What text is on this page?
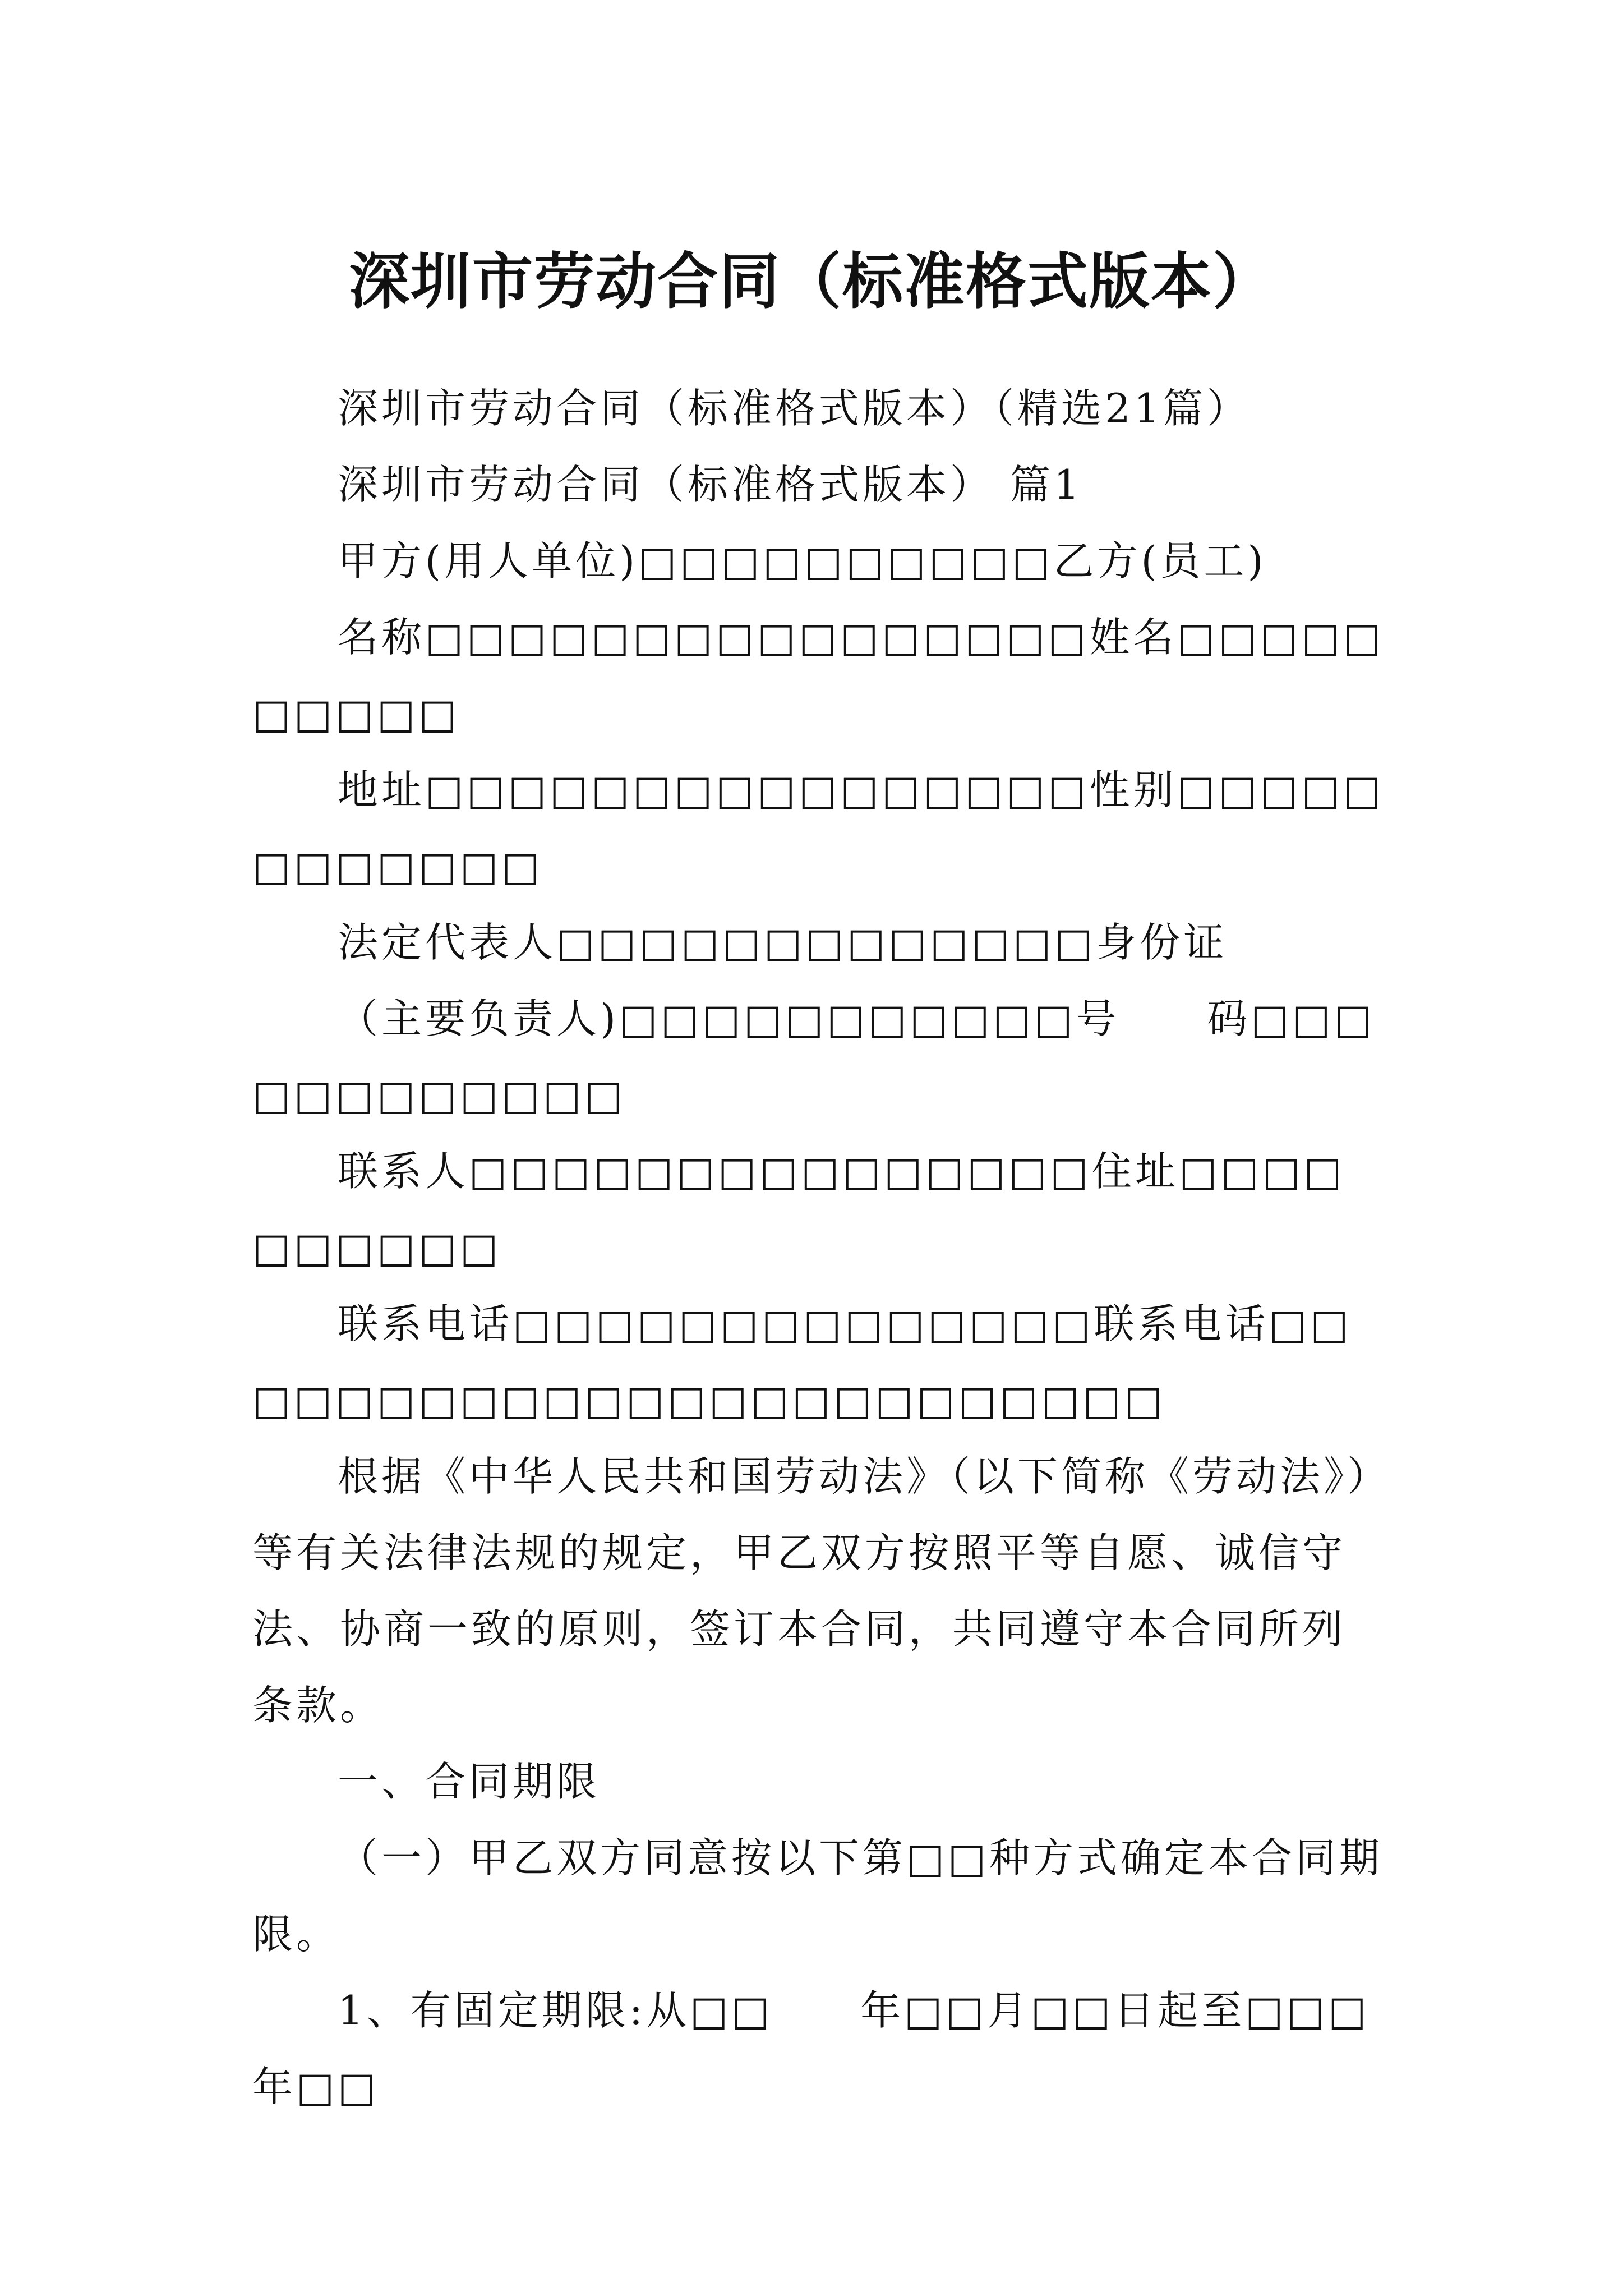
深圳市劳动合同（标准格式版本）

深圳市劳动合同（标准格式版本）（精选21篇）

深圳市劳动合同（标准格式版本） 篇1

甲方(用人单位)□□□□□□□□□□乙方(员工)

名称□□□□□□□□□□□□□□□□姓名□□□□□□□□□□

地址□□□□□□□□□□□□□□□□性别□□□□□□□□□□□□

法定代表人□□□□□□□□□□□□□身份证

（主要负责人)□□□□□□□□□□□号　　码□□□□□□□□□□□□

联系人□□□□□□□□□□□□□□□住址□□□□□□□□□□

联系电话□□□□□□□□□□□□□□联系电话□□□□□□□□□□□□□□□□□□□□□□□□

根据《中华人民共和国劳动法》（以下简称《劳动法》）等有关法律法规的规定，甲乙双方按照平等自愿、诚信守法、协商一致的原则，签订本合同，共同遵守本合同所列条款。

一、合同期限

（一）甲乙双方同意按以下第□□种方式确定本合同期限。

1、有固定期限:从□□　　年□□月□□日起至□□□年□□
